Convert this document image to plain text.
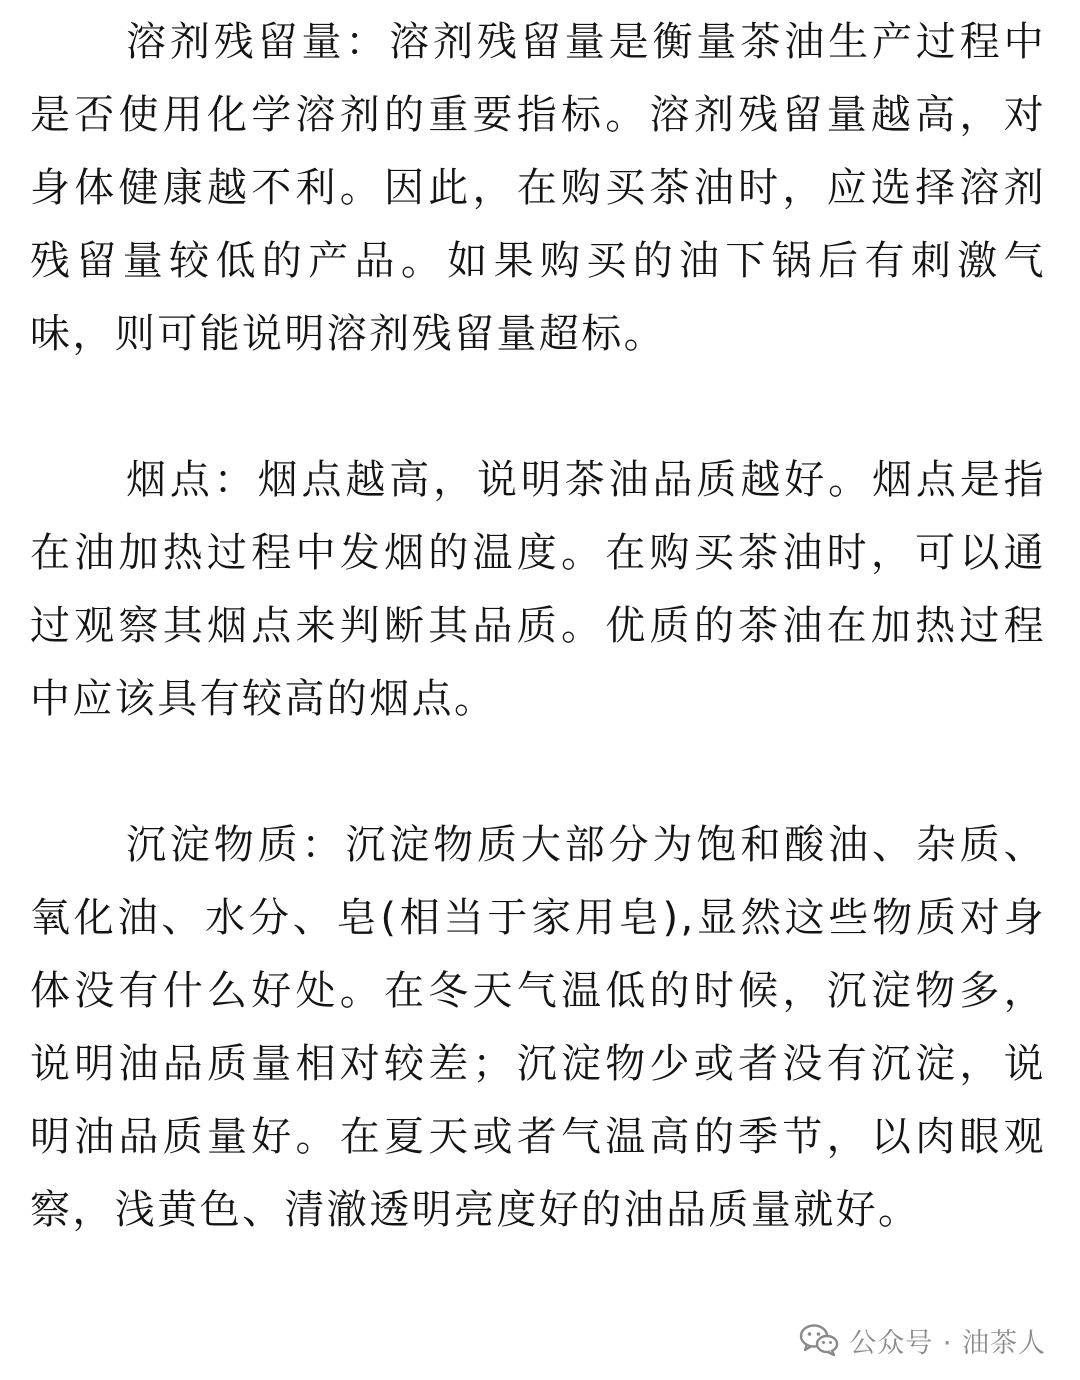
溶剂残留量：溶剂残留量是衡量茶油生产过程中是否使用化学溶剂的重要指标。溶剂残留量越高，对身体健康越不利。因此，在购买茶油时，应选择溶剂残留量较低的产品。如果购买的油下锅后有刺激气味，则可能说明溶剂残留量超标。

烟点：烟点越高，说明茶油品质越好。烟点是指在油加热过程中发烟的温度。在购买茶油时，可以通过观察其烟点来判断其品质。优质的茶油在加热过程中应该具有较高的烟点。

沉淀物质：沉淀物质大部分为饱和酸油、杂质、氧化油、水分、皂(相当于家用皂),显然这些物质对身体没有什么好处。在冬天气温低的时候，沉淀物多，说明油品质量相对较差；沉淀物少或者没有沉淀，说明油品质量好。在夏天或者气温高的季节，以肉眼观察，浅黄色、清澈透明亮度好的油品质量就好。

公众号 · 油茶人
